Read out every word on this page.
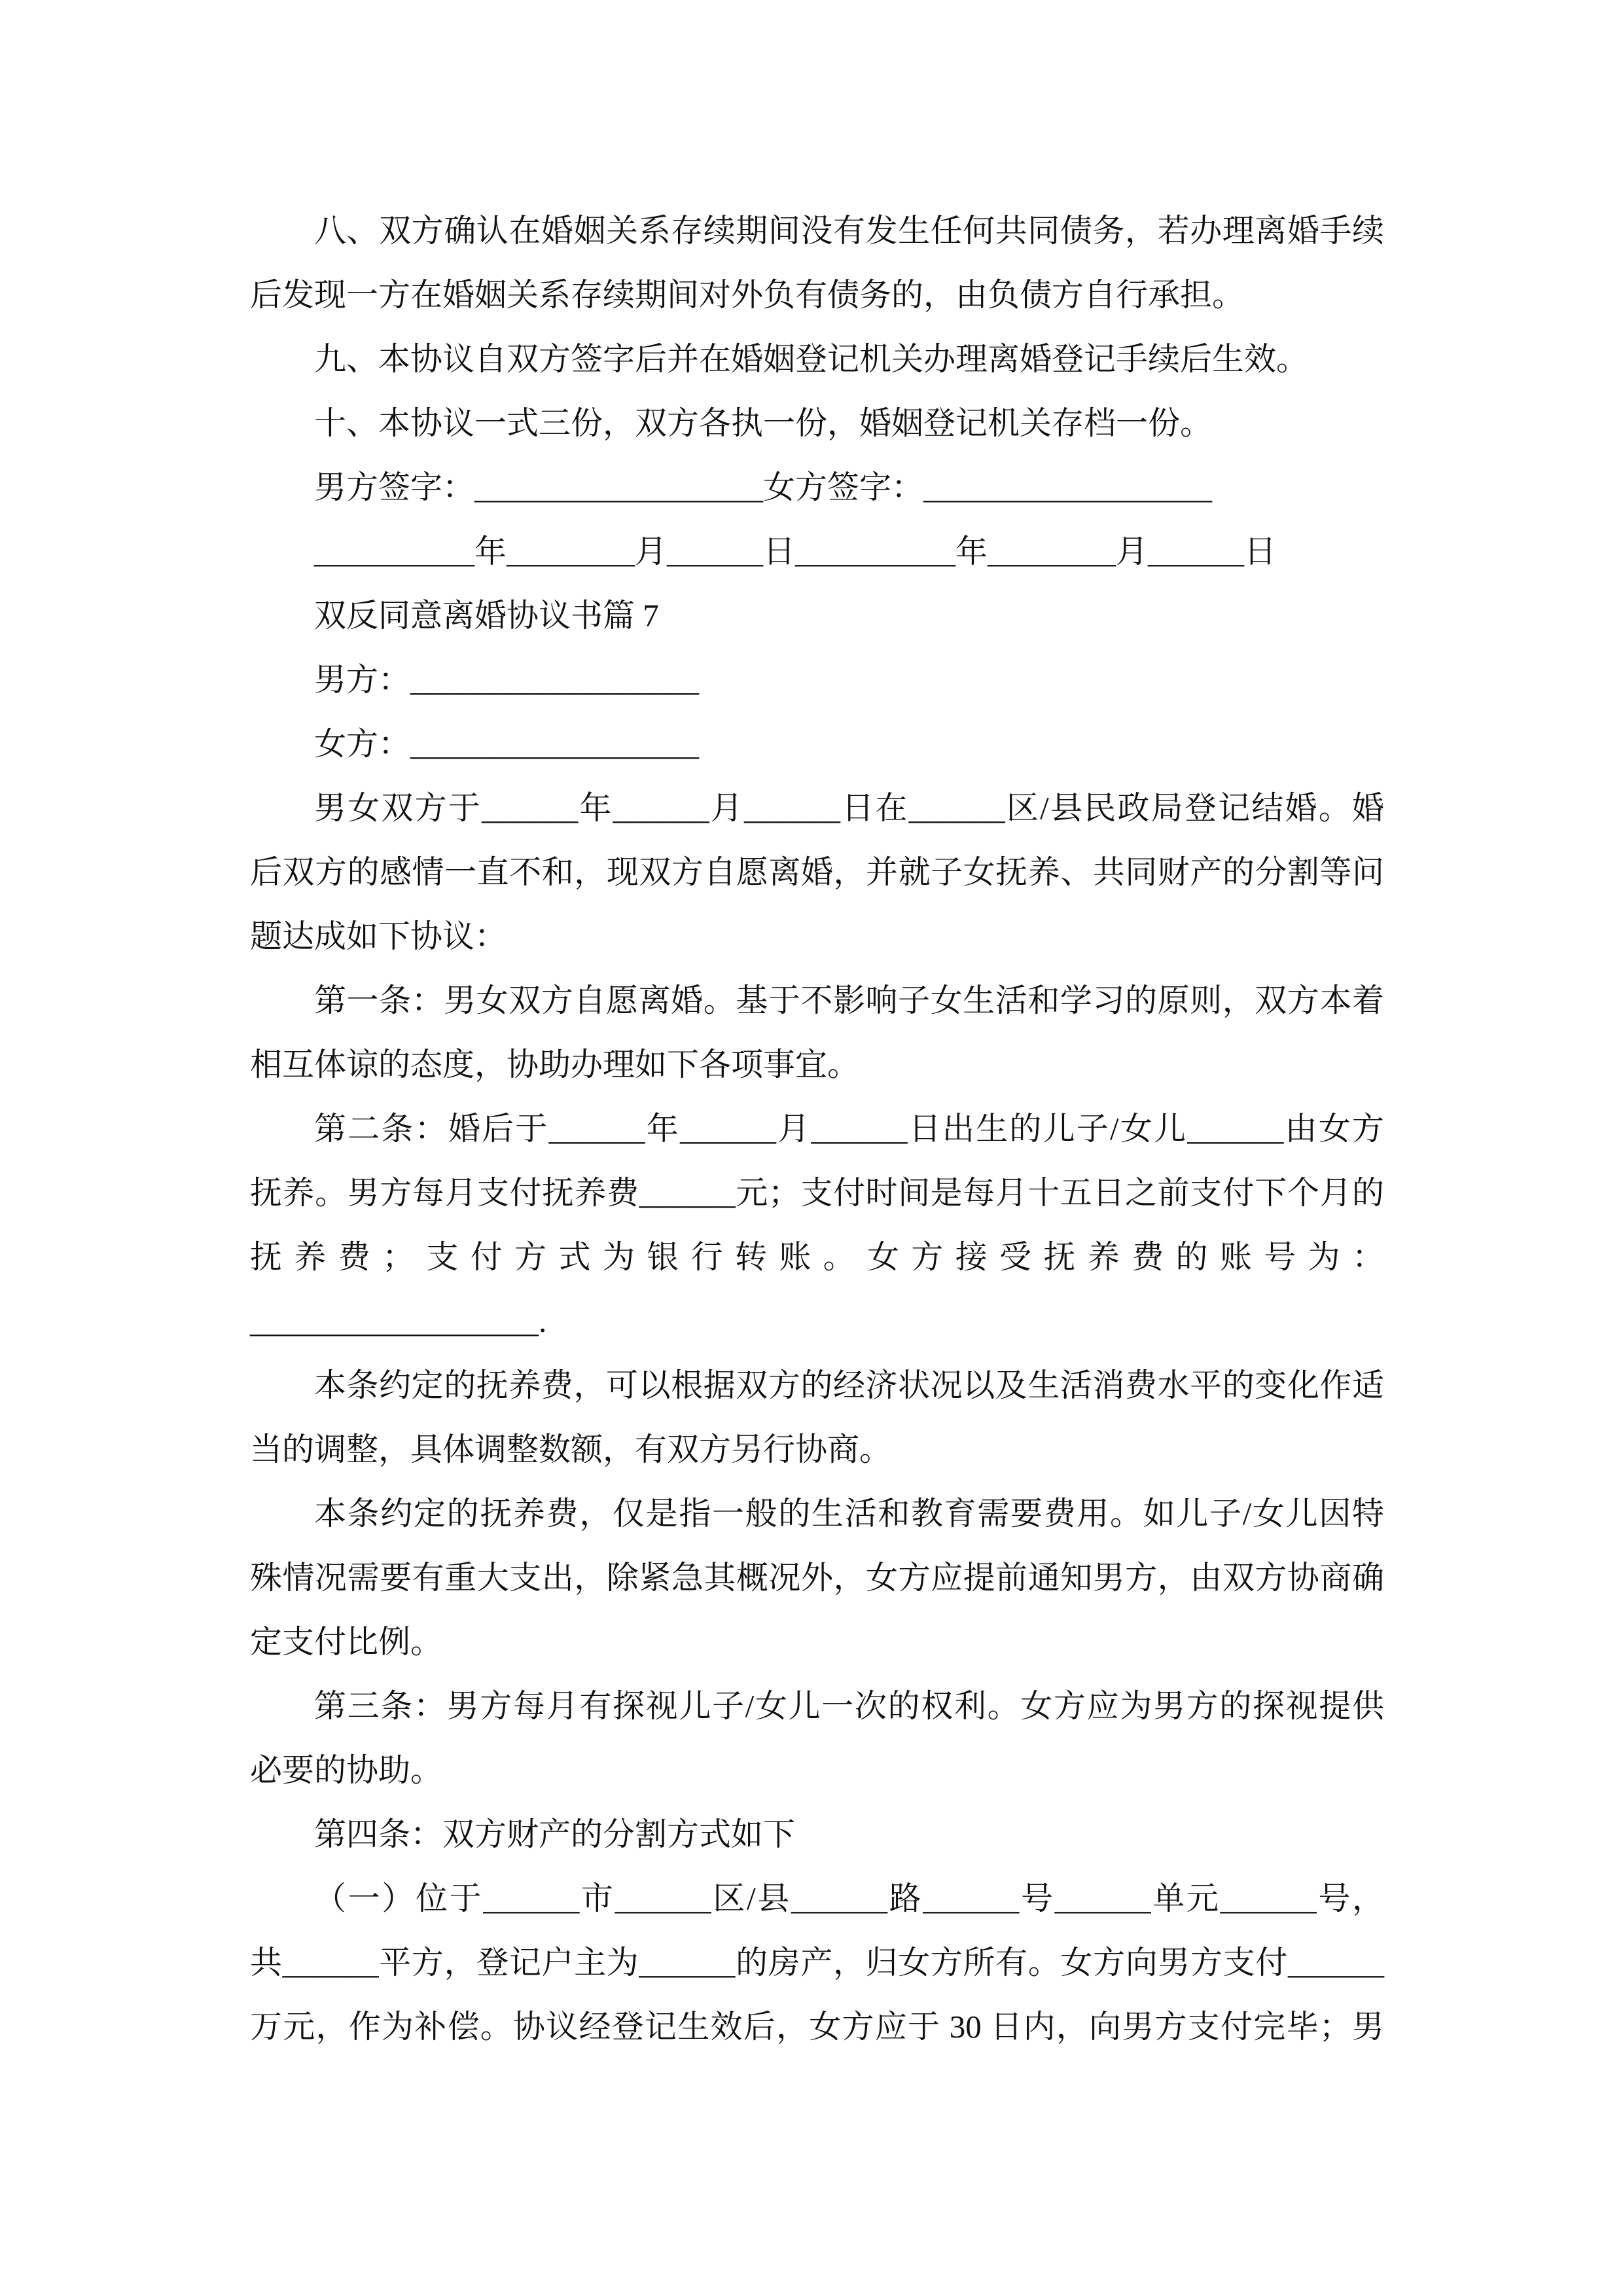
八、双方确认在婚姻关系存续期间没有发生任何共同债务，若办理离婚手续
后发现一方在婚姻关系存续期间对外负有债务的，由负债方自行承担。
九、本协议自双方签字后并在婚姻登记机关办理离婚登记手续后生效。
十、本协议一式三份，双方各执一份，婚姻登记机关存档一份。
男方签字：__________________女方签字：__________________
__________年________月______日__________年________月______日
双反同意离婚协议书篇 7
男方：__________________
女方：__________________
男女双方于______年______月______日在______区/县民政局登记结婚。婚
后双方的感情一直不和，现双方自愿离婚，并就子女抚养、共同财产的分割等问
题达成如下协议：
第一条：男女双方自愿离婚。基于不影响子女生活和学习的原则，双方本着
相互体谅的态度，协助办理如下各项事宜。
第二条：婚后于______年______月______日出生的儿子/女儿______由女方
抚养。男方每月支付抚养费______元；支付时间是每月十五日之前支付下个月的
抚养费；支付方式为银行转账。女方接受抚养费的账号为：
__________________.
本条约定的抚养费，可以根据双方的经济状况以及生活消费水平的变化作适
当的调整，具体调整数额，有双方另行协商。
本条约定的抚养费，仅是指一般的生活和教育需要费用。如儿子/女儿因特
殊情况需要有重大支出，除紧急其概况外，女方应提前通知男方，由双方协商确
定支付比例。
第三条：男方每月有探视儿子/女儿一次的权利。女方应为男方的探视提供
必要的协助。
第四条：双方财产的分割方式如下
（一）位于______市______区/县______路______号______单元______号，
共______平方，登记户主为______的房产，归女方所有。女方向男方支付______
万元，作为补偿。协议经登记生效后，女方应于 30 日内，向男方支付完毕；男
